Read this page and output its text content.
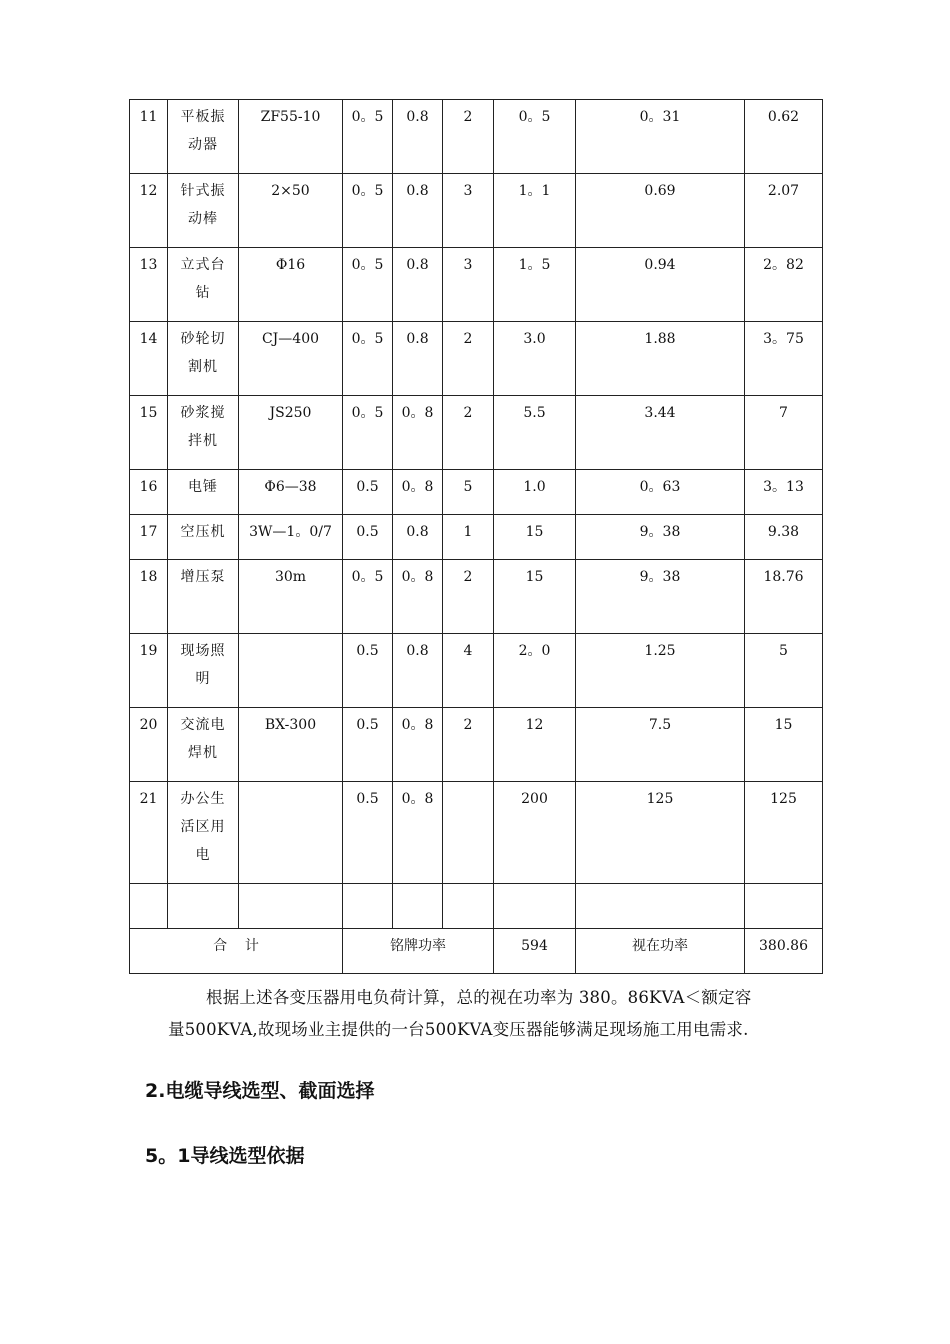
11	平板振动器	ZF55-10	0。5	0.8	2	0。5	0。31	0.62
12	针式振动棒	2×50	0。5	0.8	3	1。1	0.69	2.07
13	立式台钻	Φ16	0。5	0.8	3	1。5	0.94	2。82
14	砂轮切割机	CJ—400	0。5	0.8	2	3.0	1.88	3。75
15	砂浆搅拌机	JS250	0。5	0。8	2	5.5	3.44	7
16	电锤	Φ6—38	0.5	0。8	5	1.0	0。63	3。13
17	空压机	3W—1。0/7	0.5	0.8	1	15	9。38	9.38
18	增压泵	30m	0。5	0。8	2	15	9。38	18.76
19	现场照明		0.5	0.8	4	2。0	1.25	5
20	交流电焊机	BX-300	0.5	0。8	2	12	7.5	15
21	办公生活区用电		0.5	0。8		200	125	125

合    计			铭牌功率			594	视在功率	380.86
根据上述各变压器用电负荷计算，总的视在功率为 380。86KVA＜额定容
量500KVA,故现场业主提供的一台500KVA变压器能够满足现场施工用电需求.
2.电缆导线选型、截面选择
5。1导线选型依据
